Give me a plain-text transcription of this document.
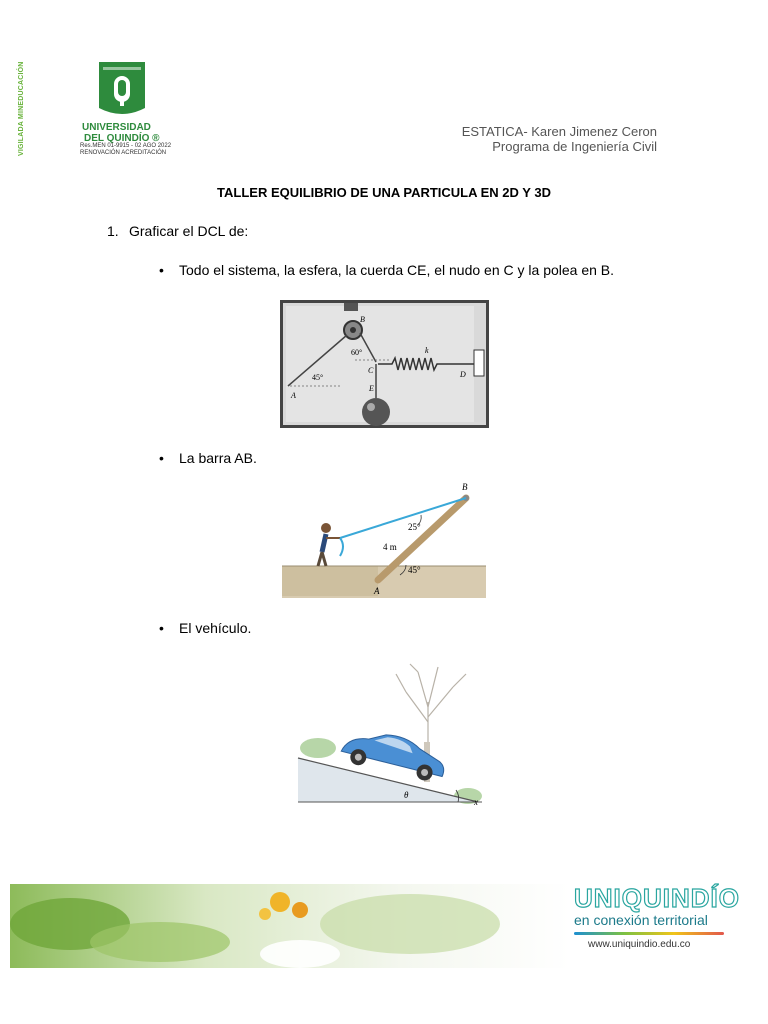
VIGILADA MINEDUCACIÓN	UNIVERSIDAD
DEL QUINDÍO ®
Res.MEN 01-9915 - 02 AGO 2022
RENOVACIÓN ACREDITACIÓN
ESTATICA- Karen Jimenez Ceron
Programa de Ingeniería Civil
TALLER EQUILIBRIO DE UNA PARTICULA EN 2D Y 3D
1. Graficar el DCL de:
• Todo el sistema, la esfera, la cuerda CE, el nudo en C y la polea en B.
B
60°	k
C
45°	D
E
A
• La barra AB.
B
25°
4 m
45°
A
• El vehículo.
θ
x
UNIQUINDÍO
en conexión territorial
www.uniquindio.edu.co
